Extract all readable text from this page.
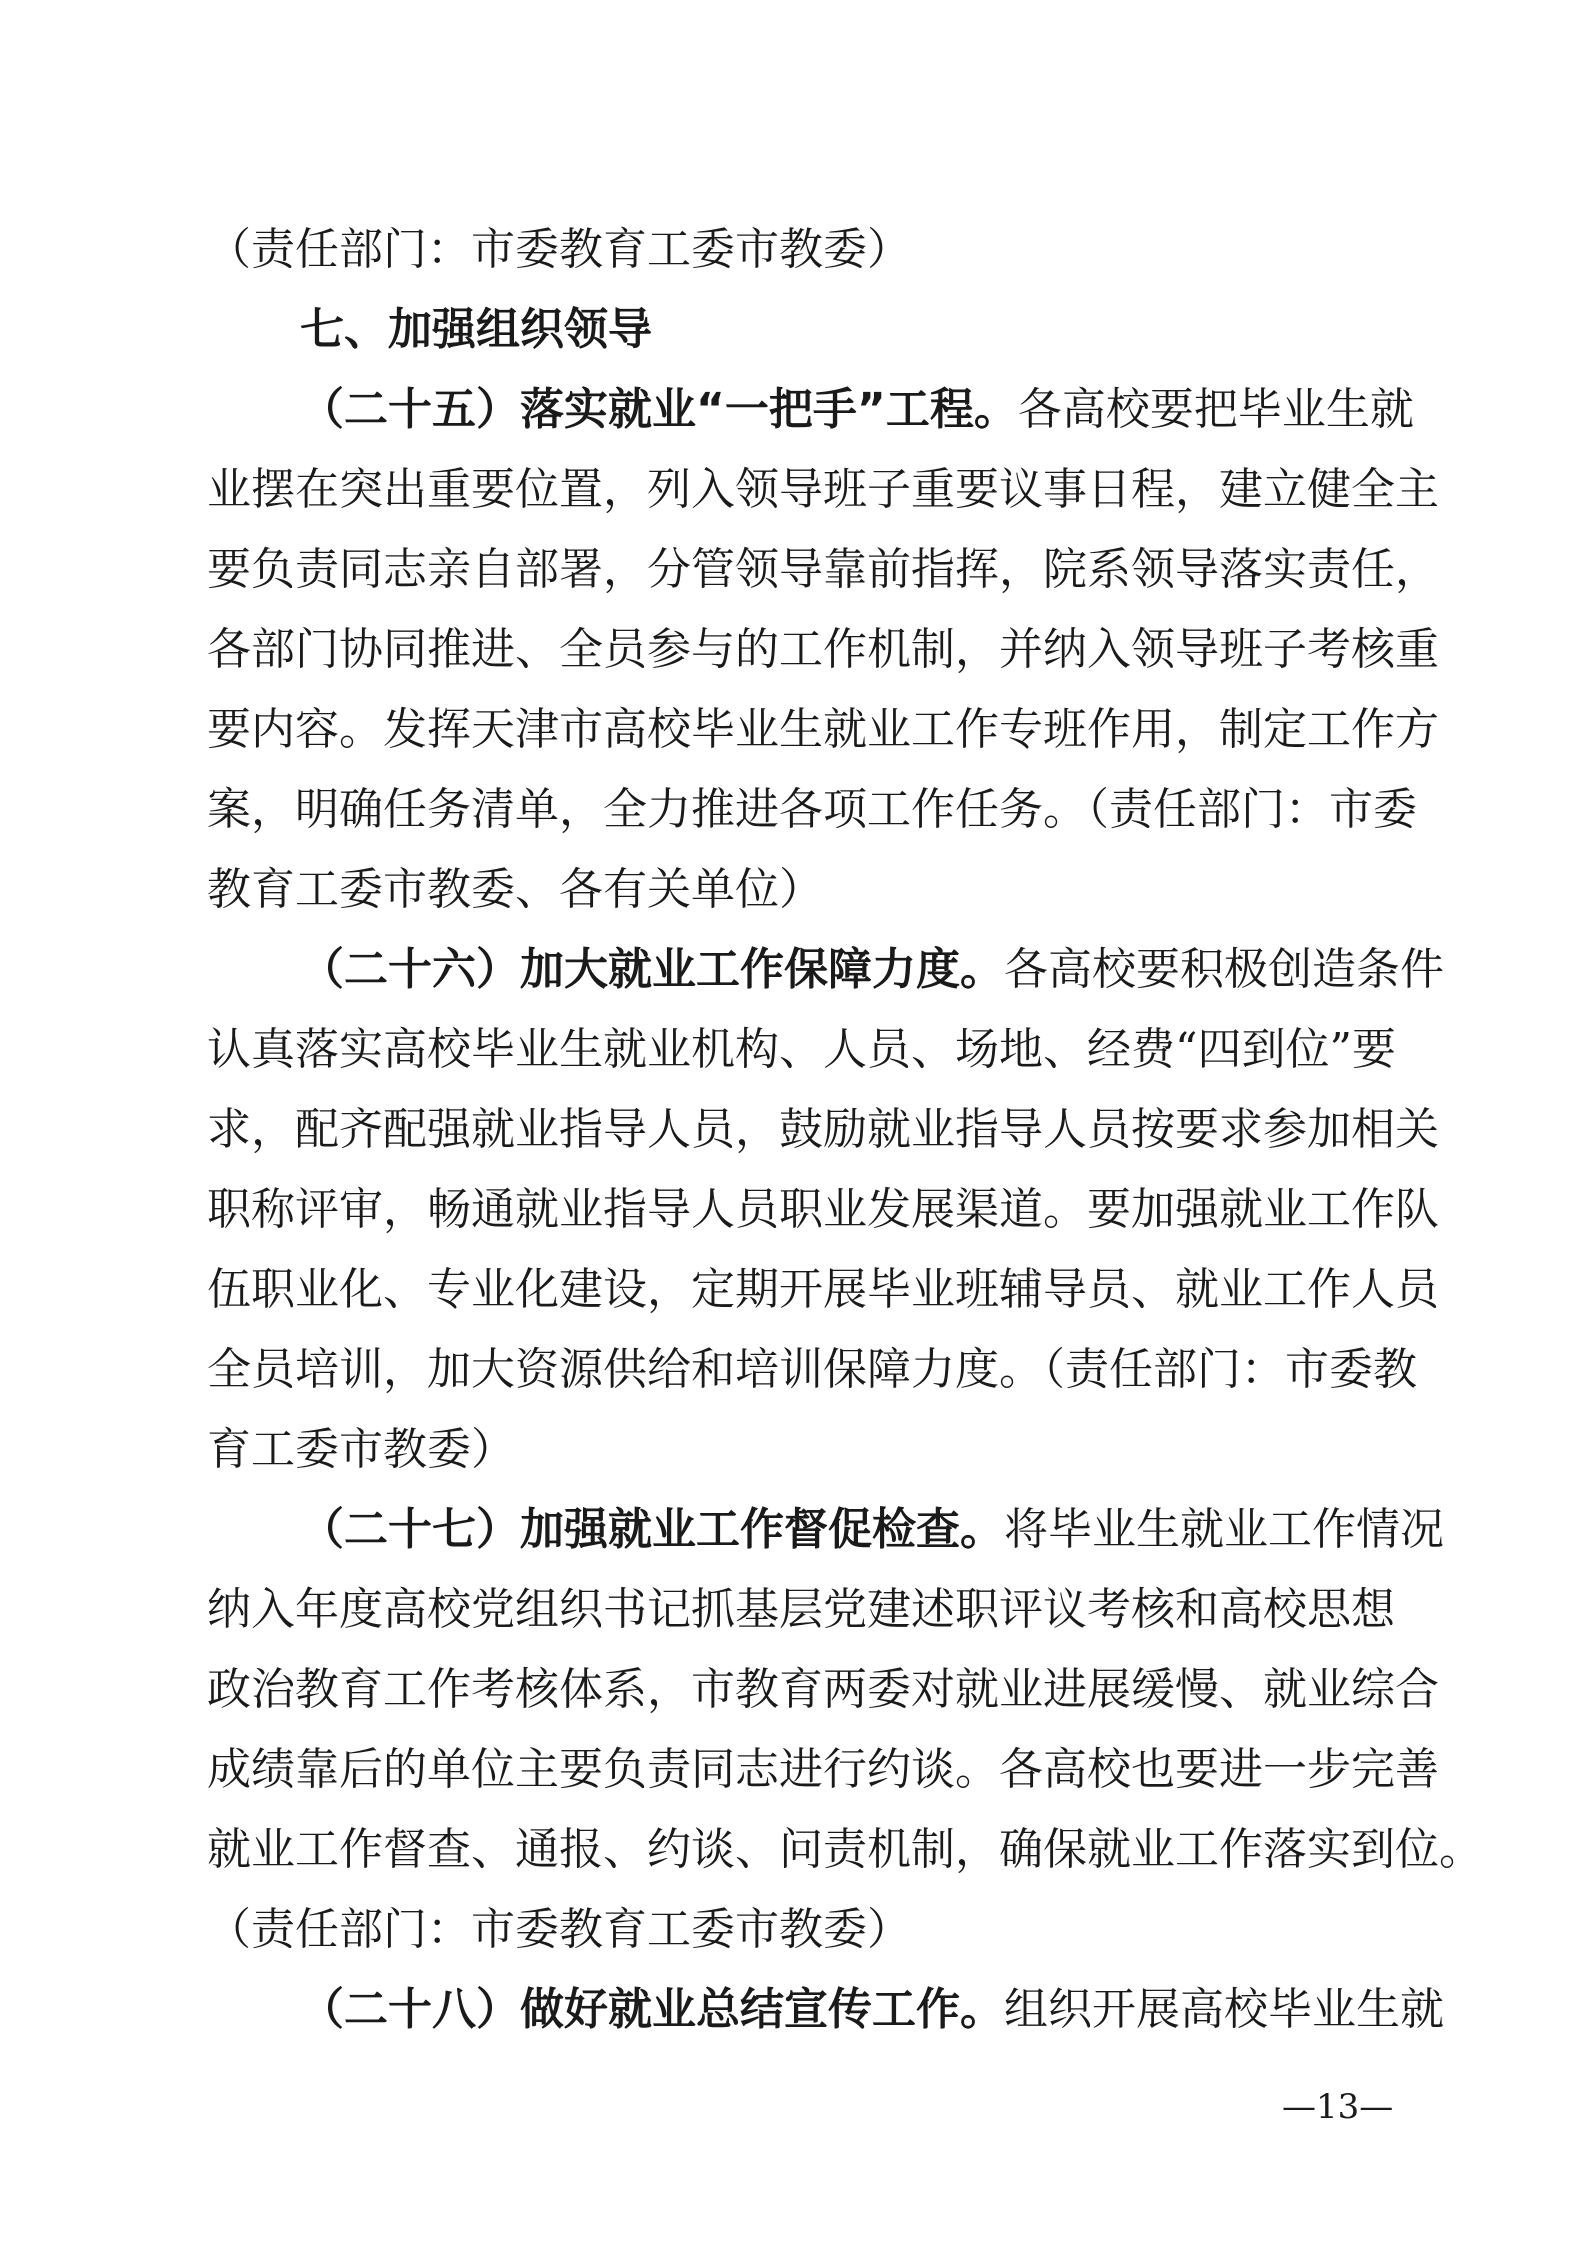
（责任部门：市委教育工委市教委）
七、加强组织领导
（二十五）落实就业“一把手”工程。各高校要把毕业生就
业摆在突出重要位置，列入领导班子重要议事日程，建立健全主
要负责同志亲自部署，分管领导靠前指挥，院系领导落实责任，
各部门协同推进、全员参与的工作机制，并纳入领导班子考核重
要内容。发挥天津市高校毕业生就业工作专班作用，制定工作方
案，明确任务清单，全力推进各项工作任务。（责任部门：市委
教育工委市教委、各有关单位）
（二十六）加大就业工作保障力度。各高校要积极创造条件
认真落实高校毕业生就业机构、人员、场地、经费“四到位”要
求，配齐配强就业指导人员，鼓励就业指导人员按要求参加相关
职称评审，畅通就业指导人员职业发展渠道。要加强就业工作队
伍职业化、专业化建设，定期开展毕业班辅导员、就业工作人员
全员培训，加大资源供给和培训保障力度。（责任部门：市委教
育工委市教委）
（二十七）加强就业工作督促检查。将毕业生就业工作情况
纳入年度高校党组织书记抓基层党建述职评议考核和高校思想
政治教育工作考核体系，市教育两委对就业进展缓慢、就业综合
成绩靠后的单位主要负责同志进行约谈。各高校也要进一步完善
就业工作督查、通报、约谈、问责机制，确保就业工作落实到位。
（责任部门：市委教育工委市教委）
（二十八）做好就业总结宣传工作。组织开展高校毕业生就
—13—
